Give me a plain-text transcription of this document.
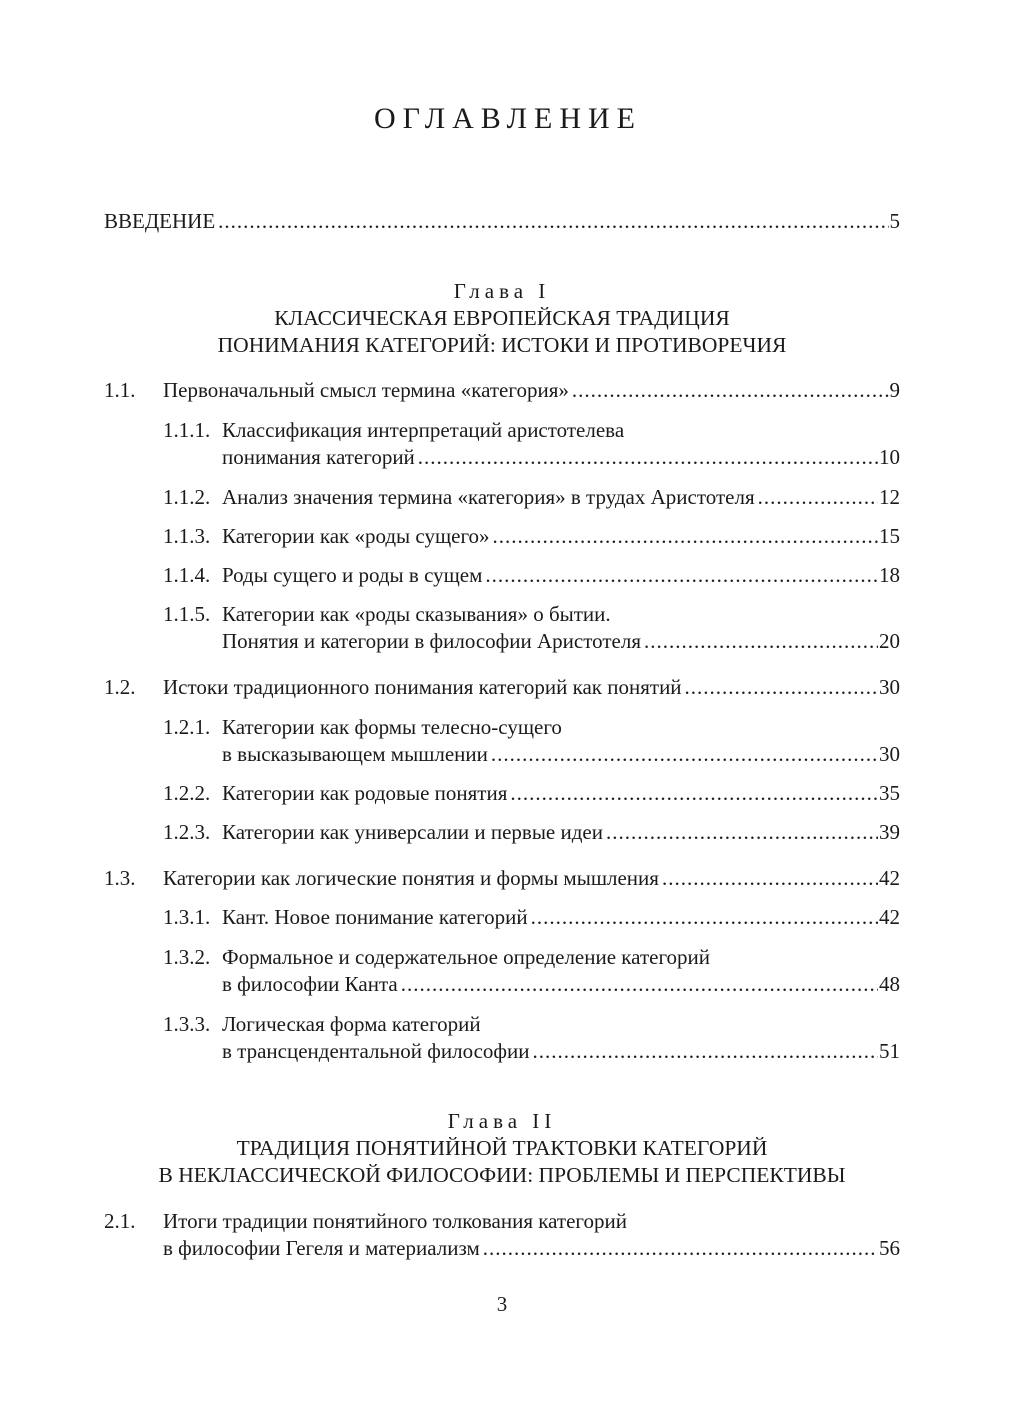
ОГЛАВЛЕНИЕ
ВВЕДЕНИЕ .....	5
Глава I
КЛАССИЧЕСКАЯ ЕВРОПЕЙСКАЯ ТРАДИЦИЯ
ПОНИМАНИЯ КАТЕГОРИЙ: ИСТОКИ И ПРОТИВОРЕЧИЯ
1.1. Первоначальный смысл термина «категория» .....	9
1.1.1. Классификация интерпретаций аристотелева
понимания категорий .....	10
1.1.2. Анализ значения термина «категория» в трудах Аристотеля .....	12
1.1.3. Категории как «роды сущего» .....	15
1.1.4. Роды сущего и роды в сущем .....	18
1.1.5. Категории как «роды сказывания» о бытии.
Понятия и категории в философии Аристотеля .....	20
1.2. Истоки традиционного понимания категорий как понятий .....	30
1.2.1. Категории как формы телесно-сущего
в высказывающем мышлении .....	30
1.2.2. Категории как родовые понятия .....	35
1.2.3. Категории как универсалии и первые идеи .....	39
1.3. Категории как логические понятия и формы мышления .....	42
1.3.1. Кант. Новое понимание категорий .....	42
1.3.2. Формальное и содержательное определение категорий
в философии Канта .....	48
1.3.3. Логическая форма категорий
в трансцендентальной философии .....	51
Глава II
ТРАДИЦИЯ ПОНЯТИЙНОЙ ТРАКТОВКИ КАТЕГОРИЙ
В НЕКЛАССИЧЕСКОЙ ФИЛОСОФИИ: ПРОБЛЕМЫ И ПЕРСПЕКТИВЫ
2.1. Итоги традиции понятийного толкования категорий
в философии Гегеля и материализм .....	56
3
